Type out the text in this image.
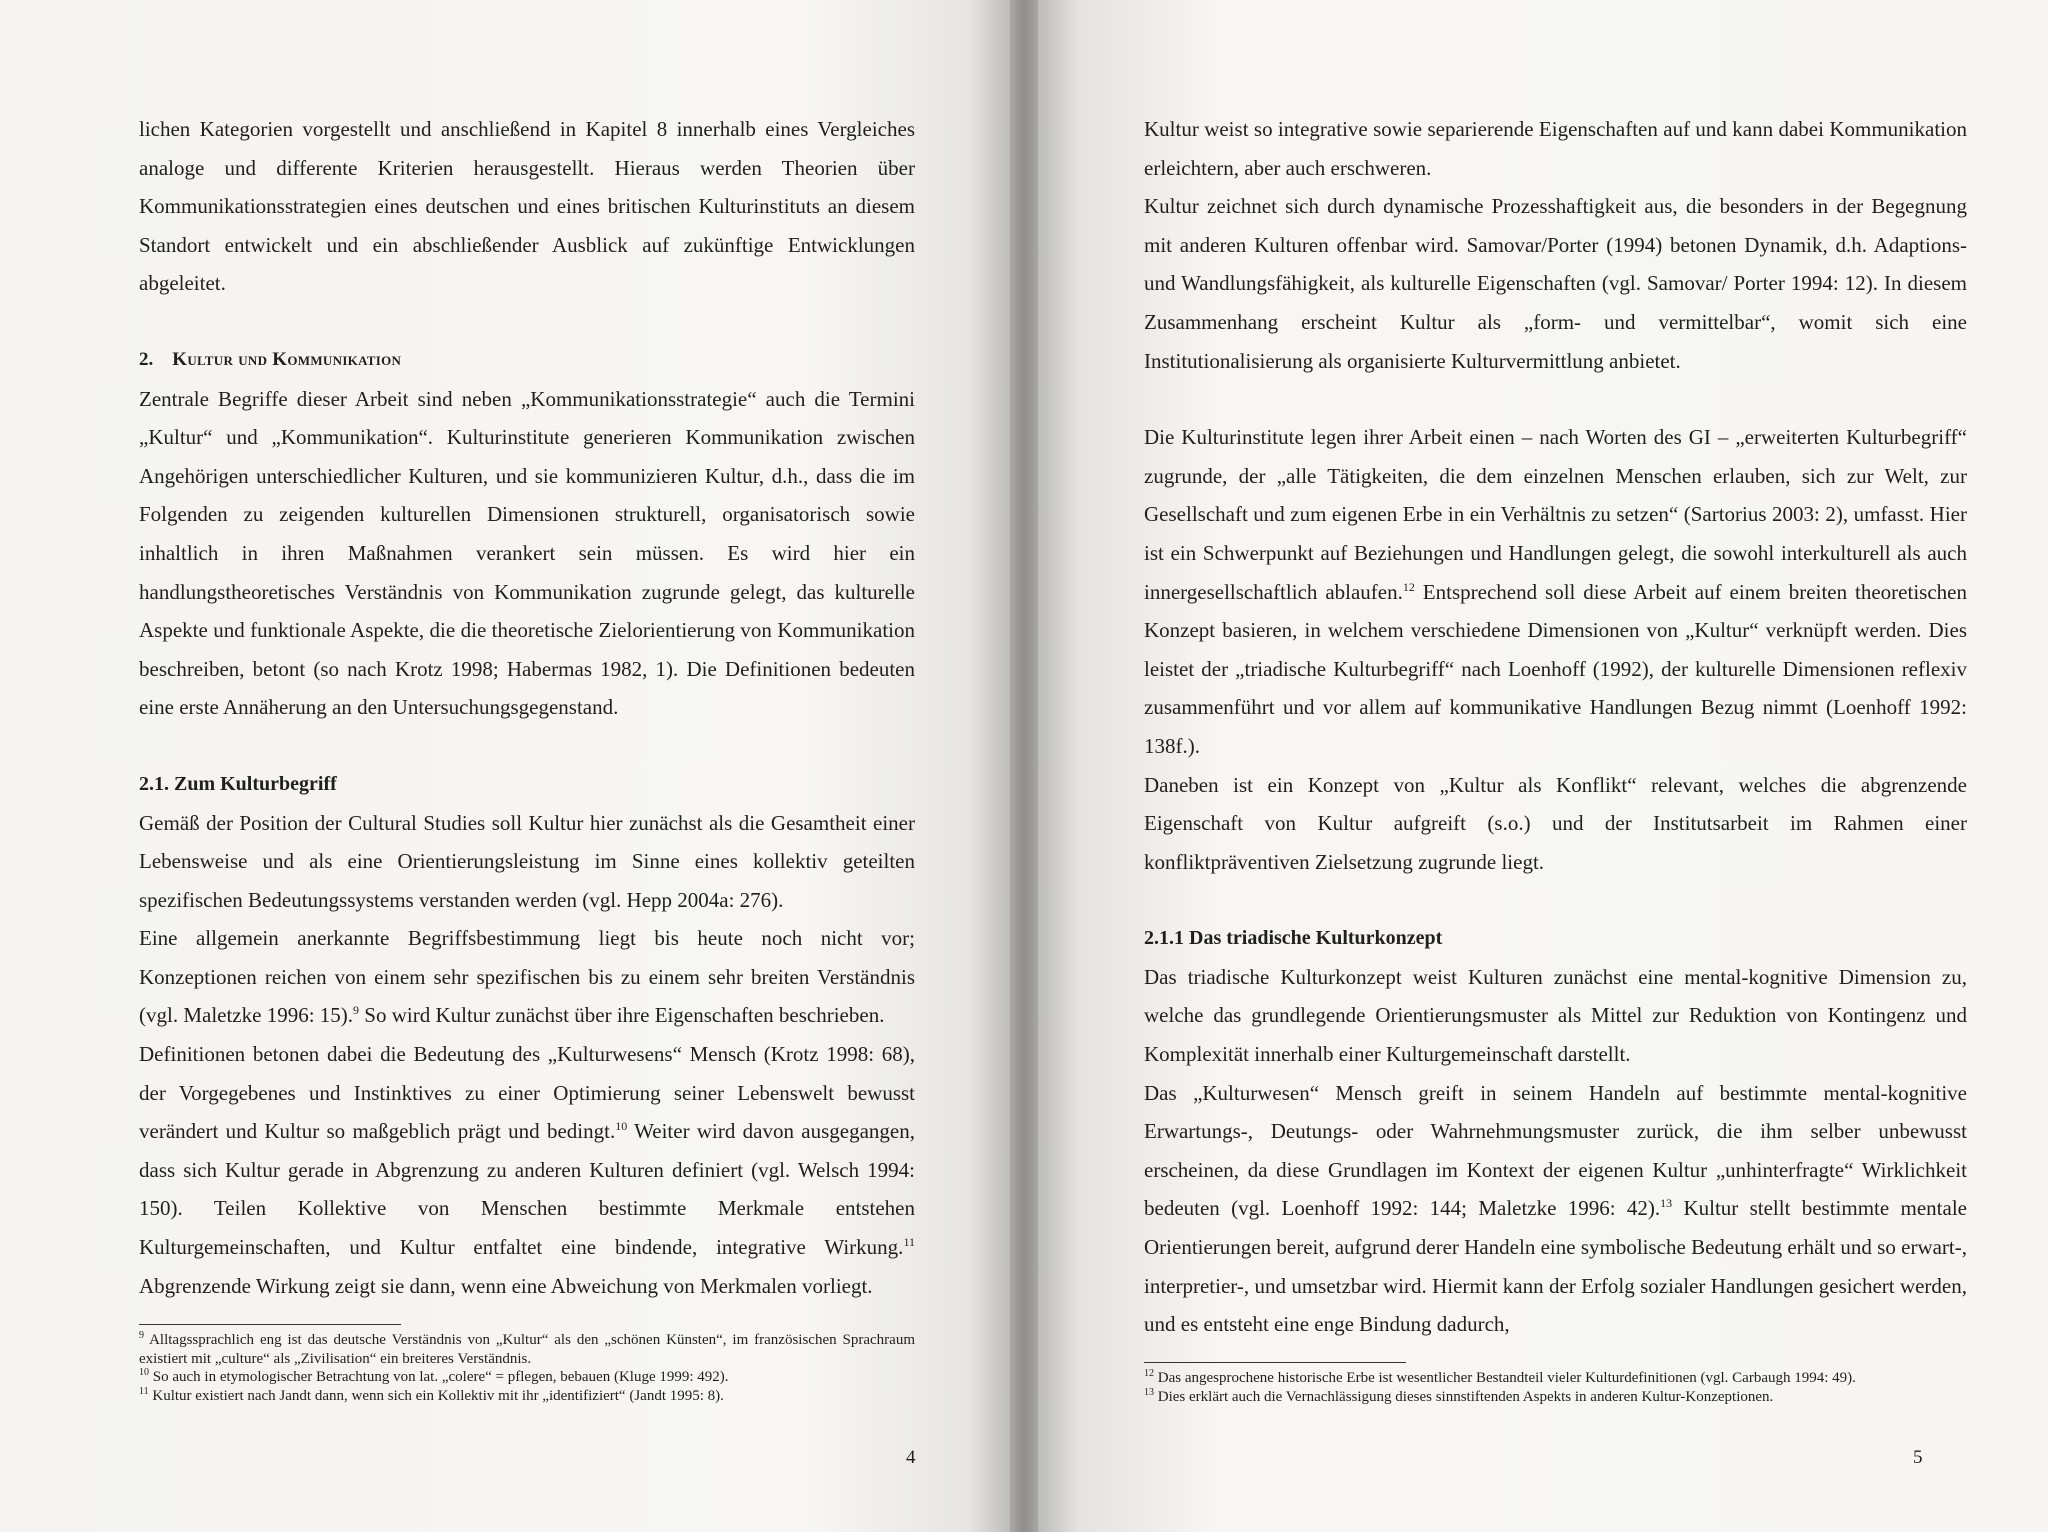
lichen Kategorien vorgestellt und anschließend in Kapitel 8 innerhalb eines Vergleiches analoge und differente Kriterien herausgestellt. Hieraus werden Theorien über Kommunikationsstrategien eines deutschen und eines britischen Kulturinstituts an diesem Standort entwickelt und ein abschließender Ausblick auf zukünftige Entwicklungen abgeleitet.

2. Kultur und Kommunikation

Zentrale Begriffe dieser Arbeit sind neben „Kommunikationsstrategie“ auch die Termini „Kultur“ und „Kommunikation“. Kulturinstitute generieren Kommunikation zwischen Angehörigen unterschiedlicher Kulturen, und sie kommunizieren Kultur, d.h., dass die im Folgenden zu zeigenden kulturellen Dimensionen strukturell, organisatorisch sowie inhaltlich in ihren Maßnahmen verankert sein müssen. Es wird hier ein handlungstheoretisches Verständnis von Kommunikation zugrunde gelegt, das kulturelle Aspekte und funktionale Aspekte, die die theoretische Zielorientierung von Kommunikation beschreiben, betont (so nach Krotz 1998; Habermas 1982, 1). Die Definitionen bedeuten eine erste Annäherung an den Untersuchungsgegenstand.

2.1. Zum Kulturbegriff

Gemäß der Position der Cultural Studies soll Kultur hier zunächst als die Gesamtheit einer Lebensweise und als eine Orientierungsleistung im Sinne eines kollektiv geteilten spezifischen Bedeutungssystems verstanden werden (vgl. Hepp 2004a: 276).

Eine allgemein anerkannte Begriffsbestimmung liegt bis heute noch nicht vor; Konzeptionen reichen von einem sehr spezifischen bis zu einem sehr breiten Verständnis (vgl. Maletzke 1996: 15).$^9$ So wird Kultur zunächst über ihre Eigenschaften beschrieben.

Definitionen betonen dabei die Bedeutung des „Kulturwesens“ Mensch (Krotz 1998: 68), der Vorgegebenes und Instinktives zu einer Optimierung seiner Lebenswelt bewusst verändert und Kultur so maßgeblich prägt und bedingt.$^{10}$ Weiter wird davon ausgegangen, dass sich Kultur gerade in Abgrenzung zu anderen Kulturen definiert (vgl. Welsch 1994: 150). Teilen Kollektive von Menschen bestimmte Merkmale entstehen Kulturgemeinschaften, und Kultur entfaltet eine bindende, integrative Wirkung.$^{11}$ Abgrenzende Wirkung zeigt sie dann, wenn eine Abweichung von Merkmalen vorliegt.

$^9$ Alltagssprachlich eng ist das deutsche Verständnis von „Kultur“ als den „schönen Künsten“, im französischen Sprachraum existiert mit „culture“ als „Zivilisation“ ein breiteres Verständnis.

$^{10}$ So auch in etymologischer Betrachtung von lat. „colere“ = pflegen, bebauen (Kluge 1999: 492).

$^{11}$ Kultur existiert nach Jandt dann, wenn sich ein Kollektiv mit ihr „identifiziert“ (Jandt 1995: 8).

4

Kultur weist so integrative sowie separierende Eigenschaften auf und kann dabei Kommunikation erleichtern, aber auch erschweren.

Kultur zeichnet sich durch dynamische Prozesshaftigkeit aus, die besonders in der Begegnung mit anderen Kulturen offenbar wird. Samovar/Porter (1994) betonen Dynamik, d.h. Adaptions- und Wandlungsfähigkeit, als kulturelle Eigenschaften (vgl. Samovar/ Porter 1994: 12). In diesem Zusammenhang erscheint Kultur als „form- und vermittelbar“, womit sich eine Institutionalisierung als organisierte Kulturvermittlung anbietet.

Die Kulturinstitute legen ihrer Arbeit einen – nach Worten des GI – „erweiterten Kulturbegriff“ zugrunde, der „alle Tätigkeiten, die dem einzelnen Menschen erlauben, sich zur Welt, zur Gesellschaft und zum eigenen Erbe in ein Verhältnis zu setzen“ (Sartorius 2003: 2), umfasst. Hier ist ein Schwerpunkt auf Beziehungen und Handlungen gelegt, die sowohl interkulturell als auch innergesellschaftlich ablaufen.$^{12}$ Entsprechend soll diese Arbeit auf einem breiten theoretischen Konzept basieren, in welchem verschiedene Dimensionen von „Kultur“ verknüpft werden. Dies leistet der „triadische Kulturbegriff“ nach Loenhoff (1992), der kulturelle Dimensionen reflexiv zusammenführt und vor allem auf kommunikative Handlungen Bezug nimmt (Loenhoff 1992: 138f.).

Daneben ist ein Konzept von „Kultur als Konflikt“ relevant, welches die abgrenzende Eigenschaft von Kultur aufgreift (s.o.) und der Institutsarbeit im Rahmen einer konfliktpräventiven Zielsetzung zugrunde liegt.

2.1.1 Das triadische Kulturkonzept

Das triadische Kulturkonzept weist Kulturen zunächst eine mental-kognitive Dimension zu, welche das grundlegende Orientierungsmuster als Mittel zur Reduktion von Kontingenz und Komplexität innerhalb einer Kulturgemeinschaft darstellt.

Das „Kulturwesen“ Mensch greift in seinem Handeln auf bestimmte mental-kognitive Erwartungs-, Deutungs- oder Wahrnehmungsmuster zurück, die ihm selber unbewusst erscheinen, da diese Grundlagen im Kontext der eigenen Kultur „unhinterfragte“ Wirklichkeit bedeuten (vgl. Loenhoff 1992: 144; Maletzke 1996: 42).$^{13}$ Kultur stellt bestimmte mentale Orientierungen bereit, aufgrund derer Handeln eine symbolische Bedeutung erhält und so erwart-, interpretier-, und umsetzbar wird. Hiermit kann der Erfolg sozialer Handlungen gesichert werden, und es entsteht eine enge Bindung dadurch,

$^{12}$ Das angesprochene historische Erbe ist wesentlicher Bestandteil vieler Kulturdefinitionen (vgl. Carbaugh 1994: 49).

$^{13}$ Dies erklärt auch die Vernachlässigung dieses sinnstiftenden Aspekts in anderen Kultur-Konzeptionen.

5
